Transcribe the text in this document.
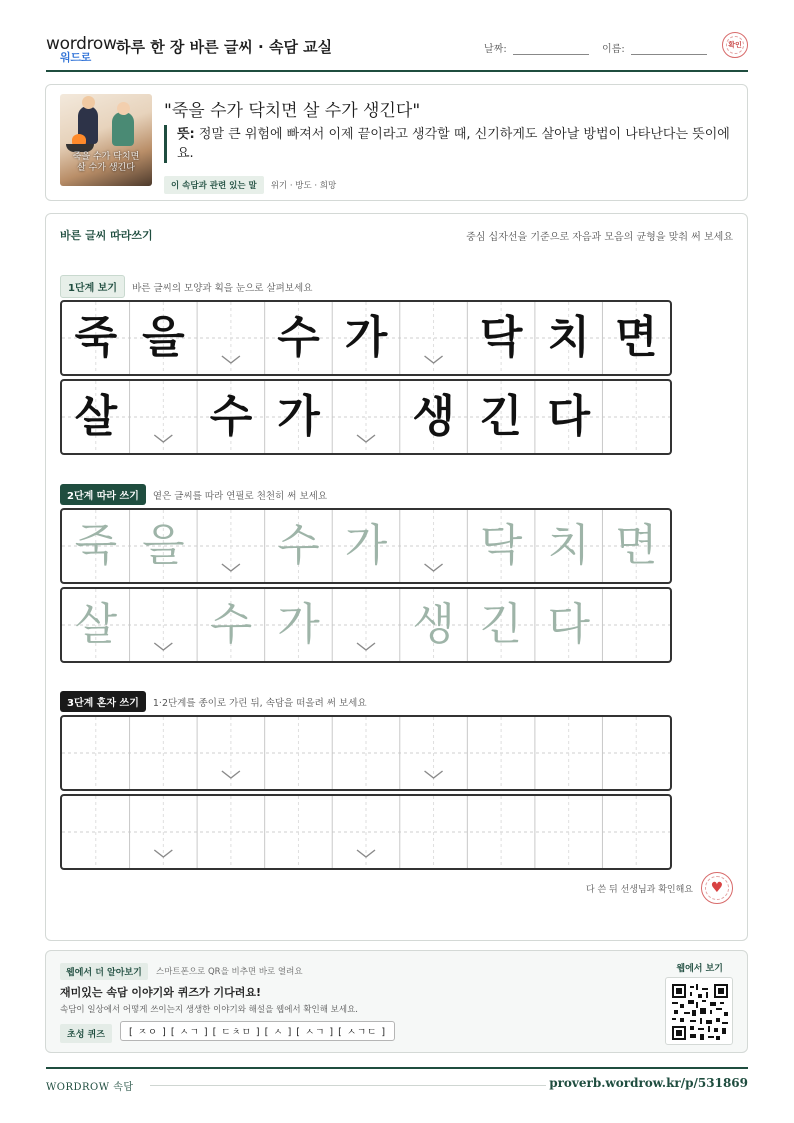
wordrow
워드로
하루 한 장 바른 글씨 · 속담 교실	날짜:	이름:	확인
죽을 수가 닥치면
살 수가 생긴다
"죽을 수가 닥치면 살 수가 생긴다"
뜻: 정말 큰 위험에 빠져서 이제 끝이라고 생각할 때, 신기하게도 살아날 방법이 나타난다는 뜻이에요.
이 속담과 관련 있는 말	위기 · 방도 · 희망
바른 글씨 따라쓰기	중심 십자선을 기준으로 자음과 모음의 균형을 맞춰 써 보세요
1단계 보기	바른 글씨의 모양과 획을 눈으로 살펴보세요
죽 을 수 가 닥 치 면
살 수 가 생 긴 다
2단계 따라 쓰기	옅은 글씨를 따라 연필로 천천히 써 보세요
죽 을 수 가 닥 치 면
살 수 가 생 긴 다
3단계 혼자 쓰기	1·2단계를 종이로 가린 뒤, 속담을 떠올려 써 보세요
다 쓴 뒤 선생님과 확인해요 ♥
웹에서 더 알아보기	스마트폰으로 QR을 비추면 바로 열려요
재미있는 속담 이야기와 퀴즈가 기다려요!
속담이 일상에서 어떻게 쓰이는지 생생한 이야기와 해설을 웹에서 확인해 보세요.
초성 퀴즈	[ ㅈㅇ ] [ ㅅㄱ ] [ ㄷㅊㅁ ] [ ㅅ ] [ ㅅㄱ ] [ ㅅㄱㄷ ]
웹에서 보기
WORDROW 속담	proverb.wordrow.kr/p/531869
